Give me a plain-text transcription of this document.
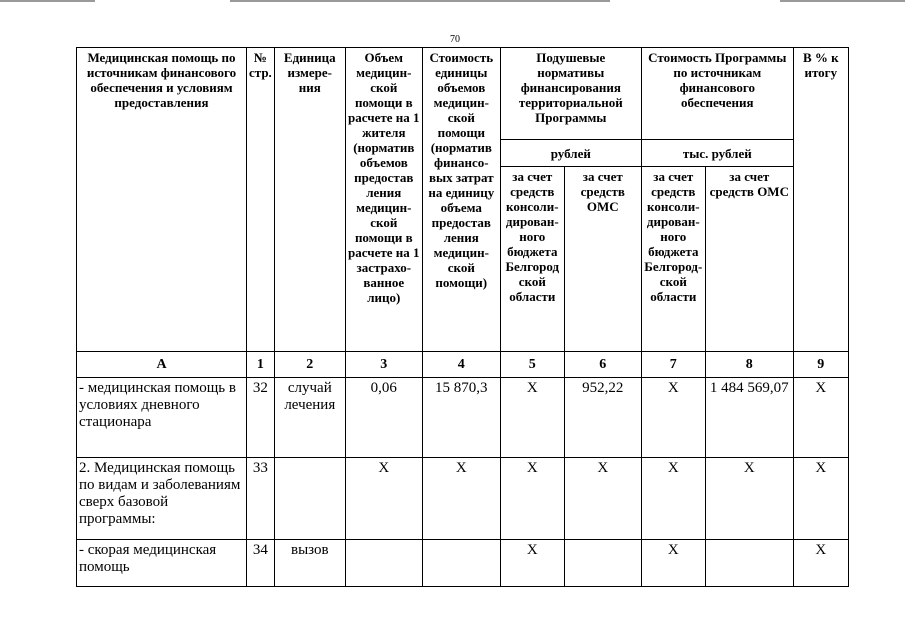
70
Медицинская помощь по источникам финансового обеспечения и условиям предоставления	№ стр.	Единица измере-ния	Объем медицин-ской помощи в расчете на 1 жителя (норматив объемов предостав ления медицин-ской помощи в расчете на 1 застрахо-ванное лицо)	Стоимость единицы объемов медицин-ской помощи (норматив финансо-вых затрат на единицу объема предостав ления медицин-ской помощи)	Подушевые нормативы финансирования территориальной Программы		Стоимость Программы по источникам финансового обеспечения		В % к итогу
					рублей		тыс. рублей		
					за счет средств консоли-дирован-ного бюджета Белгород ской области	за счет средств ОМС	за счет средств консоли-дирован-ного бюджета Белгород-ской области	за счет средств ОМС	
А	1	2	3	4	5	6	7	8	9
- медицинская помощь в условиях дневного стационара	32	случай лечения	0,06	15 870,3	Х	952,22	Х	1 484 569,07	Х
2. Медицинская помощь по видам и заболеваниям сверх базовой программы:	33		Х	Х	Х	Х	Х	Х	Х
- скорая медицинская помощь	34	вызов			Х		Х		Х
